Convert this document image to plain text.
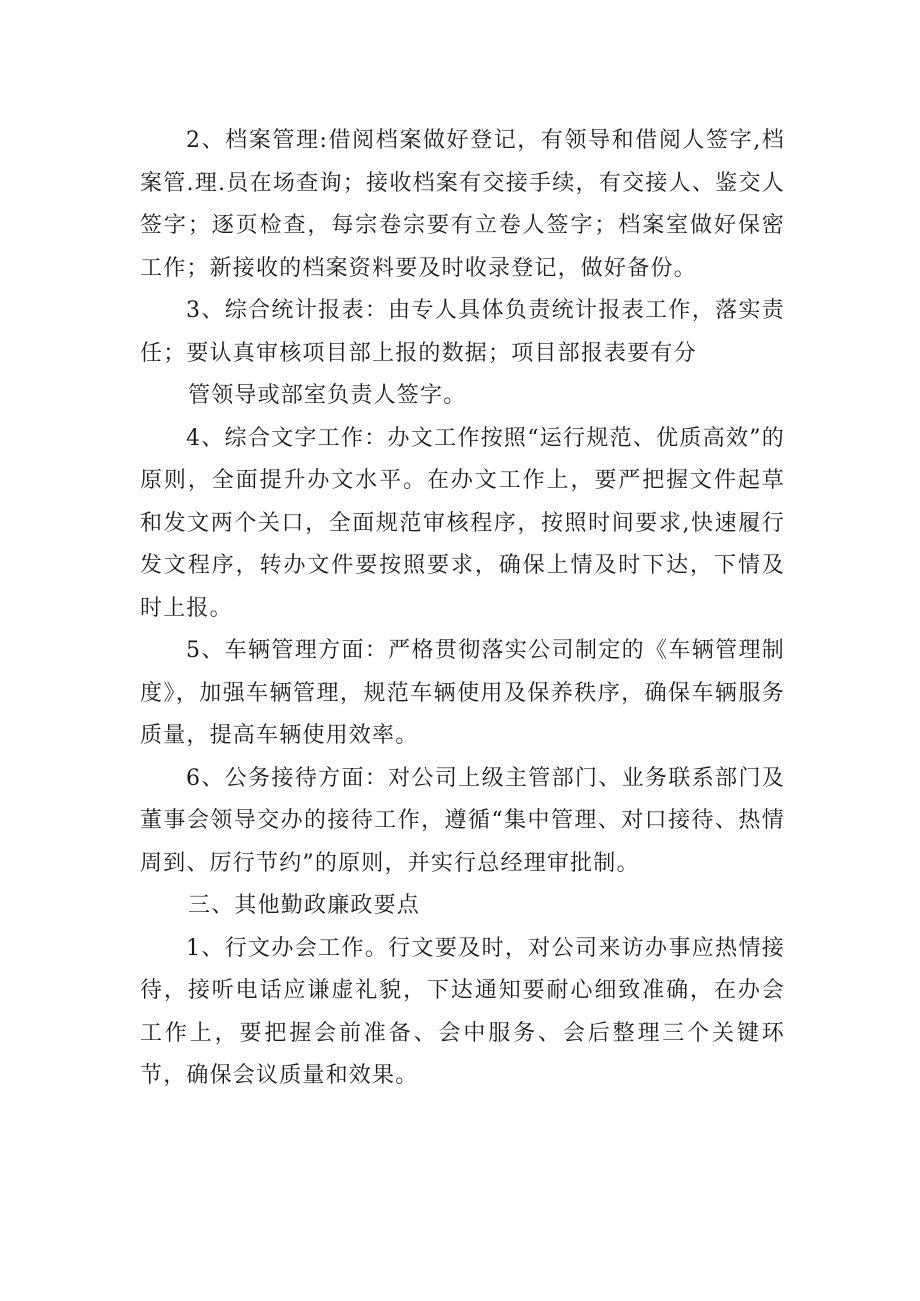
2、档案管理:借阅档案做好登记，有领导和借阅人签字,档案管.理.员在场查询；接收档案有交接手续，有交接人、鉴交人签字；逐页检查，每宗卷宗要有立卷人签字；档案室做好保密工作；新接收的档案资料要及时收录登记，做好备份。

3、综合统计报表：由专人具体负责统计报表工作，落实责任；要认真审核项目部上报的数据；项目部报表要有分

管领导或部室负责人签字。

4、综合文字工作：办文工作按照“运行规范、优质高效”的原则，全面提升办文水平。在办文工作上，要严把握文件起草和发文两个关口，全面规范审核程序，按照时间要求,快速履行发文程序，转办文件要按照要求，确保上情及时下达，下情及时上报。

5、车辆管理方面：严格贯彻落实公司制定的《车辆管理制度》，加强车辆管理，规范车辆使用及保养秩序，确保车辆服务质量，提高车辆使用效率。

6、公务接待方面：对公司上级主管部门、业务联系部门及董事会领导交办的接待工作，遵循“集中管理、对口接待、热情周到、厉行节约”的原则，并实行总经理审批制。

三、其他勤政廉政要点

1、行文办会工作。行文要及时，对公司来访办事应热情接待，接听电话应谦虚礼貌，下达通知要耐心细致准确，在办会工作上，要把握会前准备、会中服务、会后整理三个关键环节，确保会议质量和效果。
